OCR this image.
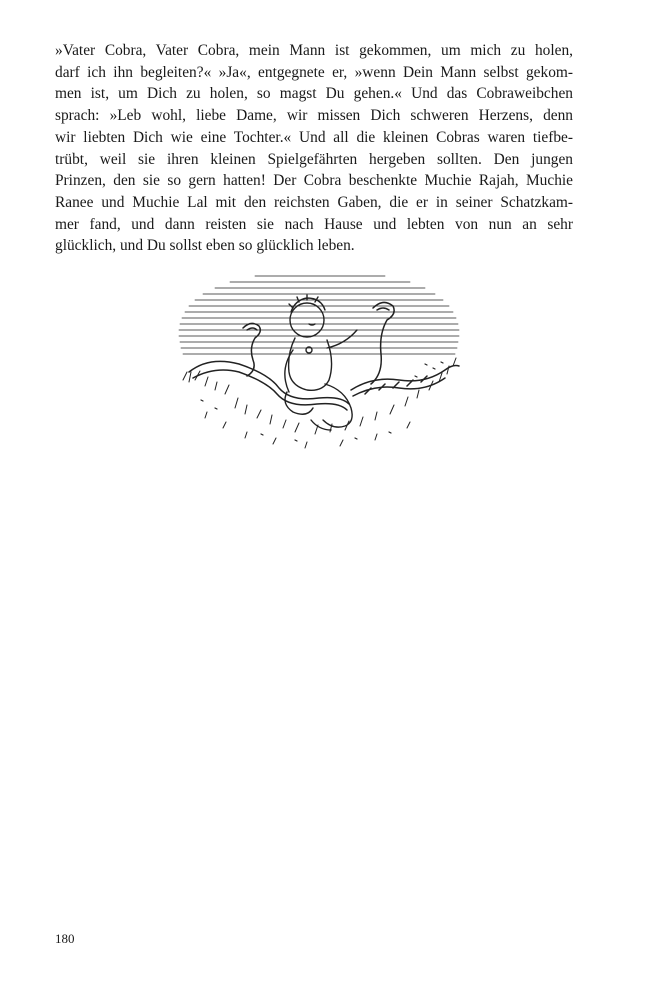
»Vater Cobra, Vater Cobra, mein Mann ist gekommen, um mich zu holen,
darf ich ihn begleiten?« »Ja«, entgegnete er, »wenn Dein Mann selbst gekom-
men ist, um Dich zu holen, so magst Du gehen.« Und das Cobraweibchen
sprach: »Leb wohl, liebe Dame, wir missen Dich schweren Herzens, denn
wir liebten Dich wie eine Tochter.« Und all die kleinen Cobras waren tiefbe-
trübt, weil sie ihren kleinen Spielgefährten hergeben sollten. Den jungen
Prinzen, den sie so gern hatten! Der Cobra beschenkte Muchie Rajah, Muchie
Ranee und Muchie Lal mit den reichsten Gaben, die er in seiner Schatzkam-
mer fand, und dann reisten sie nach Hause und lebten von nun an sehr
glücklich, und Du sollst eben so glücklich leben.
180
